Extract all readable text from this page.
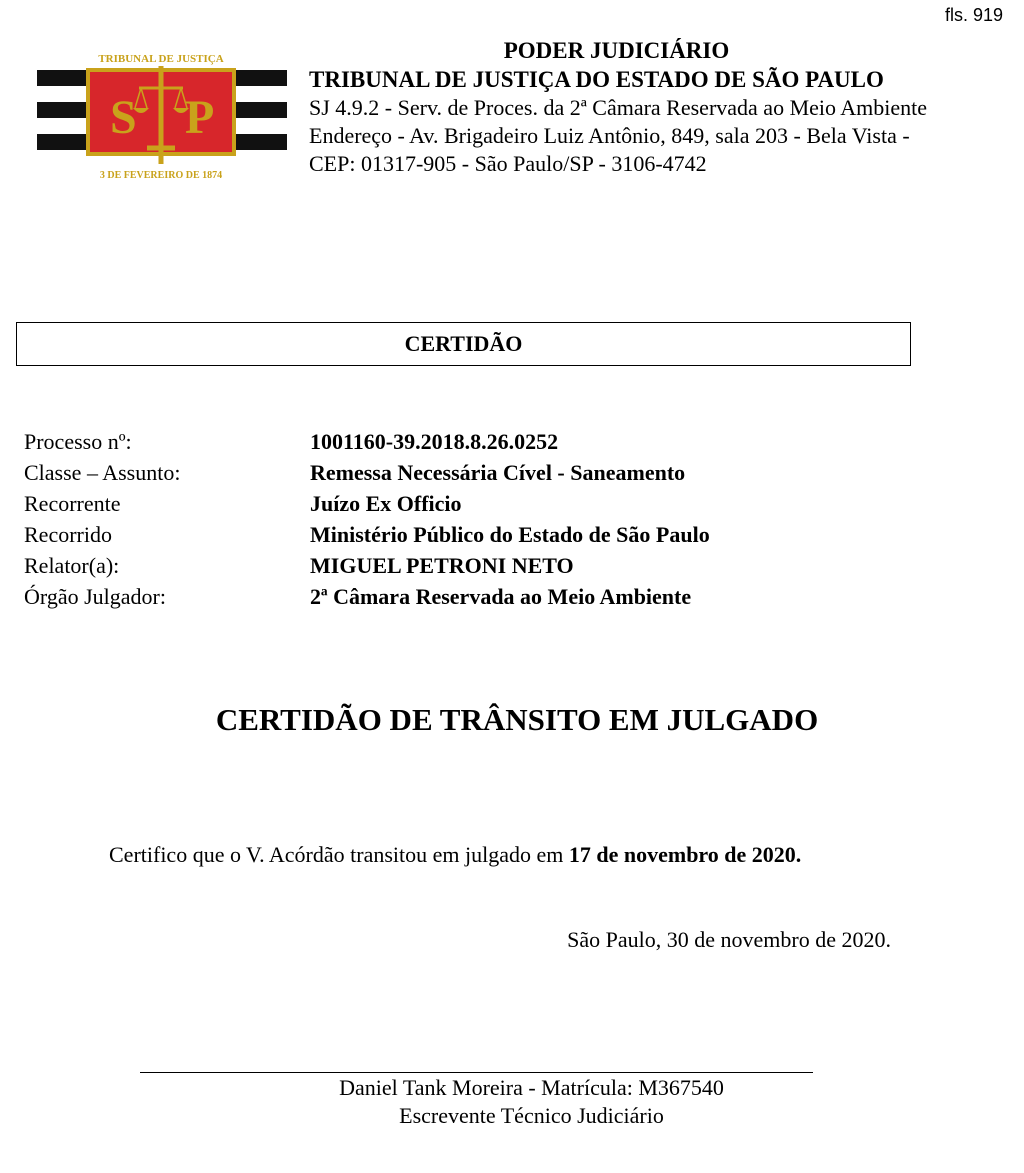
fls. 919
S P
TRIBUNAL DE JUSTIÇA
3 DE FEVEREIRO DE 1874
PODER JUDICIÁRIO
TRIBUNAL DE JUSTIÇA DO ESTADO DE SÃO PAULO
SJ 4.9.2 - Serv. de Proces. da 2ª Câmara Reservada ao Meio Ambiente
Endereço - Av. Brigadeiro Luiz Antônio, 849, sala 203 - Bela Vista - CEP: 01317-905 - São Paulo/SP - 3106-4742
CERTIDÃO
Processo nº:	1001160-39.2018.8.26.0252
Classe – Assunto:	Remessa Necessária Cível - Saneamento
Recorrente	Juízo Ex Officio
Recorrido	Ministério Público do Estado de São Paulo
Relator(a):	MIGUEL PETRONI NETO
Órgão Julgador:	2ª Câmara Reservada ao Meio Ambiente
CERTIDÃO DE TRÂNSITO EM JULGADO
Certifico que o V. Acórdão transitou em julgado em 17 de novembro de 2020.
São Paulo, 30 de novembro de 2020.
Daniel Tank Moreira - Matrícula: M367540
Escrevente Técnico Judiciário
